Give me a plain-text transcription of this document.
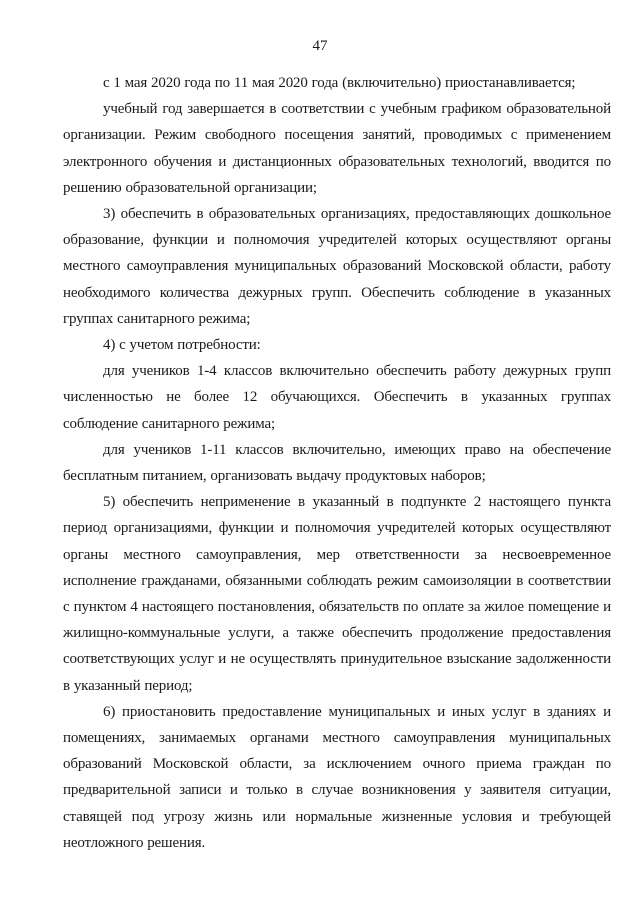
47

с 1 мая 2020 года по 11 мая 2020 года (включительно) приостанавливается;

учебный год завершается в соответствии с учебным графиком образовательной организации. Режим свободного посещения занятий, проводимых с применением электронного обучения и дистанционных образовательных технологий, вводится по решению образовательной организации;

3) обеспечить в образовательных организациях, предоставляющих дошкольное образование, функции и полномочия учредителей которых осуществляют органы местного самоуправления муниципальных образований Московской области, работу необходимого количества дежурных групп. Обеспечить соблюдение в указанных группах санитарного режима;

4) с учетом потребности:

для учеников 1-4 классов включительно обеспечить работу дежурных групп численностью не более 12 обучающихся. Обеспечить в указанных группах соблюдение санитарного режима;

для учеников 1-11 классов включительно, имеющих право на обеспечение бесплатным питанием, организовать выдачу продуктовых наборов;

5) обеспечить неприменение в указанный в подпункте 2 настоящего пункта период организациями, функции и полномочия учредителей которых осуществляют органы местного самоуправления, мер ответственности за несвоевременное исполнение гражданами, обязанными соблюдать режим самоизоляции в соответствии с пунктом 4 настоящего постановления, обязательств по оплате за жилое помещение и жилищно-коммунальные услуги, а также обеспечить продолжение предоставления соответствующих услуг и не осуществлять принудительное взыскание задолженности в указанный период;

6) приостановить предоставление муниципальных и иных услуг в зданиях и помещениях, занимаемых органами местного самоуправления муниципальных образований Московской области, за исключением очного приема граждан по предварительной записи и только в случае возникновения у заявителя ситуации, ставящей под угрозу жизнь или нормальные жизненные условия и требующей неотложного решения.
